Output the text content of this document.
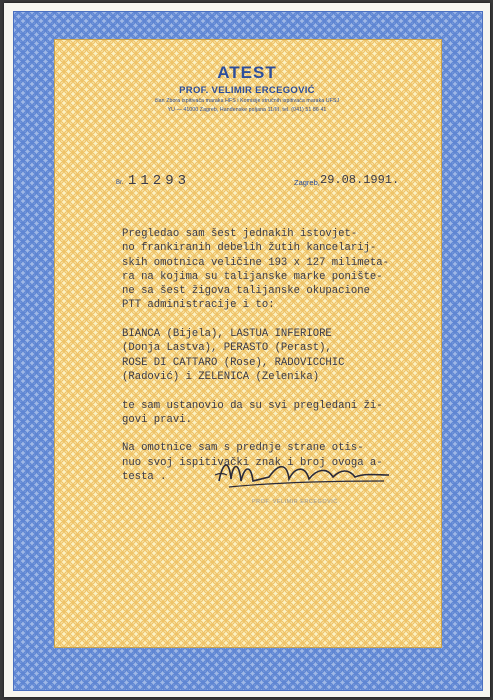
ATEST
PROF. VELIMIR ERCEGOVIĆ
član Zbora ispitivača maraka HFS i Komisije stručnih ispitivača maraka UFSJ
YU — 41000 Zagreb, Hanđenske poljana 11/III, tel. (041) 51 86 41
Br. 11293	Zagreb, 29.08.1991.
Pregledao sam šest jednakih istovjet-
no frankiranih debelih žutih kancelarij-
skih omotnica veličine 193 x 127 milimeta-
ra na kojima su talijanske marke ponište-
ne sa šest žigova talijanske okupacione
PTT administracije i to:

BIANCA (Bijela), LASTUA INFERIORE
(Donja Lastva), PERASTO (Perast),
ROSE DI CATTARO (Rose), RADOVICCHIC
(Radović) i ZELENICA (Zelenika)

te sam ustanovio da su svi pregledani ži-
govi pravi.

Na omotnice sam s prednje strane otis-
nuo svoj ispitivački znak i broj ovoga a-
testa .
PROF. VELIMIR ERCEGOVIĆ
